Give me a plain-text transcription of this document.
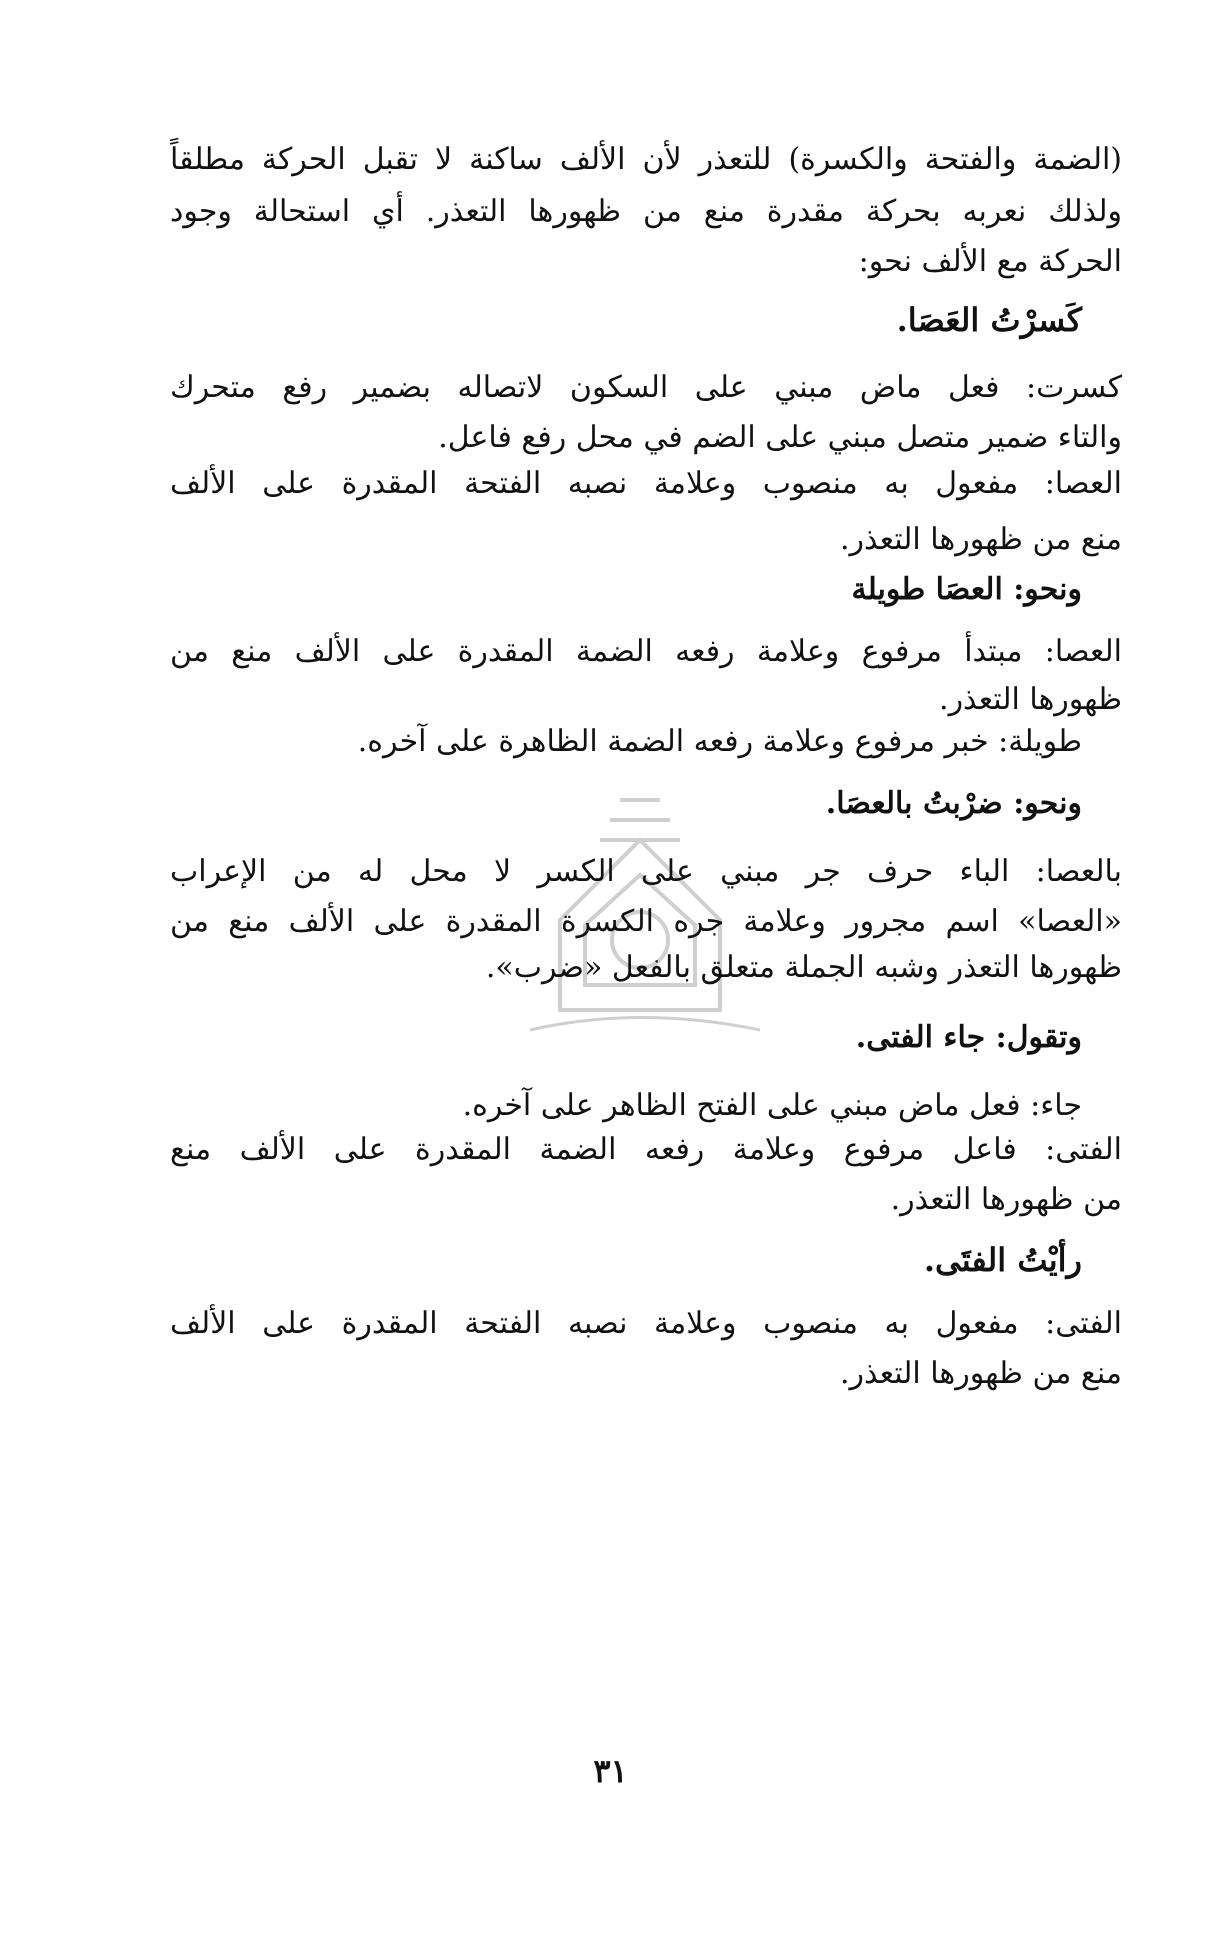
(الضمة والفتحة والكسرة) للتعذر لأن الألف ساكنة لا تقبل الحركة مطلقاً
ولذلك نعربه بحركة مقدرة منع من ظهورها التعذر. أي استحالة وجود
الحركة مع الألف نحو:
كَسرْتُ العَصَا.
كسرت: فعل ماض مبني على السكون لاتصاله بضمير رفع متحرك
والتاء ضمير متصل مبني على الضم في محل رفع فاعل.
العصا: مفعول به منصوب وعلامة نصبه الفتحة المقدرة على الألف
منع من ظهورها التعذر.
ونحو: العصَا طويلة
العصا: مبتدأ مرفوع وعلامة رفعه الضمة المقدرة على الألف منع من
ظهورها التعذر.
طويلة: خبر مرفوع وعلامة رفعه الضمة الظاهرة على آخره.
ونحو: ضرْبتُ بالعصَا.
بالعصا: الباء حرف جر مبني على الكسر لا محل له من الإعراب
«العصا» اسم مجرور وعلامة جره الكسرة المقدرة على الألف منع من
ظهورها التعذر وشبه الجملة متعلق بالفعل «ضرب».
وتقول: جاء الفتى.
جاء: فعل ماض مبني على الفتح الظاهر على آخره.
الفتى: فاعل مرفوع وعلامة رفعه الضمة المقدرة على الألف منع
من ظهورها التعذر.
رأيْتُ الفتَى.
الفتى: مفعول به منصوب وعلامة نصبه الفتحة المقدرة على الألف
منع من ظهورها التعذر.
٣١
